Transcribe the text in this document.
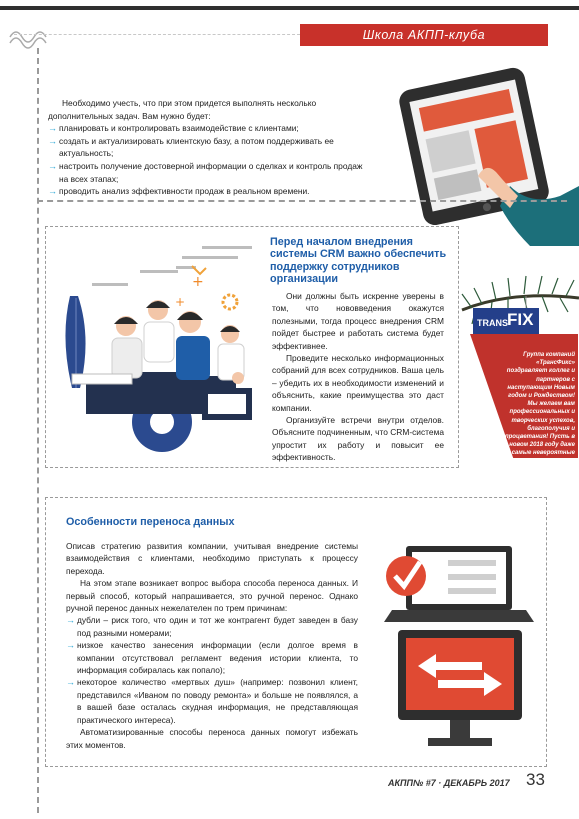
Школа АКПП-клуба

Необходимо учесть, что при этом придется выполнять несколько дополнительных задач. Вам нужно будет:

→ планировать и контролировать взаимодействие с клиентами;

→ создать и актуализировать клиентскую базу, а потом поддерживать ее актуальность;

→ настроить получение достоверной информации о сделках и контроль продаж на всех этапах;

→ проводить анализ эффективности продаж в реальном времени.

+
+
Перед началом внедрения системы CRM важно обеспечить поддержку сотрудников организации

Они должны быть искренне уверены в том, что нововведения окажутся полезными, тогда процесс внедрения CRM пойдет быстрее и работать система будет эффективнее.

Проведите несколько информационных собраний для всех сотрудников. Ваша цель – убедить их в необходимости изменений и объяснить, какие преимущества это даст компании.

Организуйте встречи внутри отделов. Объясните подчиненным, что CRM-система упростит их работу и повысит ее эффективность.

TRANS FIX
Группа компаний «ТрансФикс» поздравляет коллег и партнеров с наступающим Новым годом и Рождеством! Мы желаем вам профессиональных и творческих успехов, благополучия и процветания! Пусть в новом 2018 году даже самые невероятные мечты станут реальностью! А мы всегда будем рядом, помогая воплотить их в жизнь!
Особенности переноса данных

Описав стратегию развития компании, учитывая внедрение системы взаимодействия с клиентами, необходимо приступать к процессу перехода.

На этом этапе возникает вопрос выбора способа переноса данных. И первый способ, который напрашивается, это ручной перенос. Однако ручной перенос данных нежелателен по трем причинам:

→ дубли – риск того, что один и тот же контрагент будет заведен в базу под разными номерами;

→ низкое качество занесения информации (если долгое время в компании отсутствовал регламент ведения истории клиента, то информация собиралась как попало);

→ некоторое количество «мертвых душ» (например: позвонил клиент, представился «Иваном по поводу ремонта» и больше не появлялся, а в вашей базе осталась скудная информация, не представляющая практического интереса).

Автоматизированные способы переноса данных помогут избежать этих моментов.

АКПП№ #7 · ДЕКАБРЬ 2017 33
